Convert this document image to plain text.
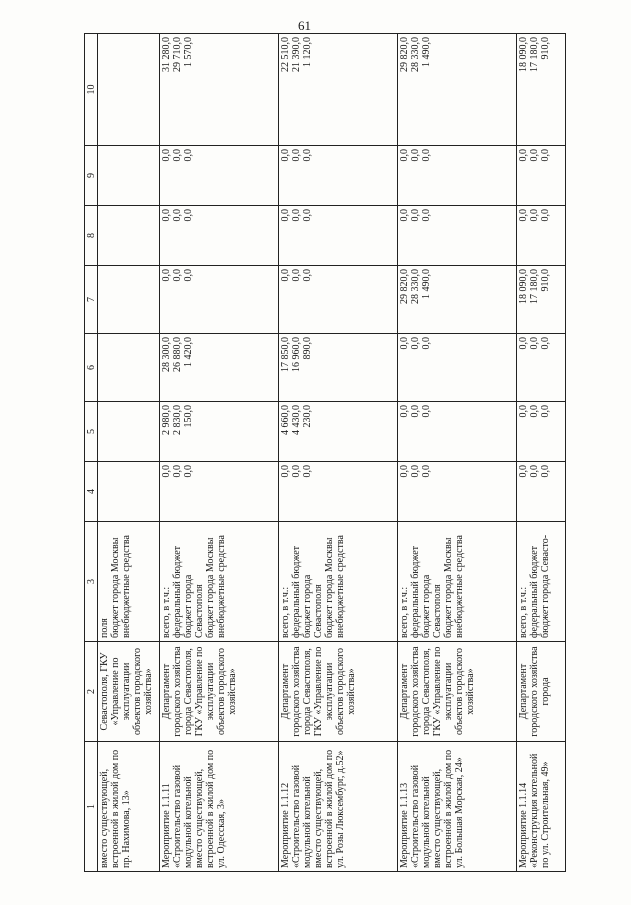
61
1	2	3	4	5	6	7	8	9	10
вместо существующей, встроенной в жилой дом по пр. Нахимова, 13»	Севастополя, ГКУ «Управление по эксплуатации объектов городского хозяйства»	поля бюджет города Москвы внебюджетные средства							

Мероприятие 1.1.11 «Строительство газовой модульной котельной вместо существующей, встроенной в жилой дом по ул. Одесская, 3»	Департамент городского хозяйства города Севастополя, ГКУ «Управление по эксплуатации объектов городского хозяйства»	всего, в т.ч.: федеральный бюджет бюджет города Севастополя бюджет города Москвы внебюджетные средства	0,0 0,0 0,0	2 980,0 2 830,0 150,0	28 300,0 26 880,0 1 420,0	0,0 0,0 0,0	0,0 0,0 0,0	0,0 0,0 0,0	31 280,0 29 710,0 1 570,0

Мероприятие 1.1.12 «Строительство газовой модульной котельной вместо существующей, встроенной в жилой дом по ул. Розы Люксембург, д.52»	Департамент городского хозяйства города Севастополя, ГКУ «Управление по эксплуатации объектов городского хозяйства»	всего, в т.ч.: федеральный бюджет бюджет города Севастополя бюджет города Москвы внебюджетные средства	0,0 0,0 0,0	4 660,0 4 430,0 230,0	17 850,0 16 960,0 890,0	0,0 0,0 0,0	0,0 0,0 0,0	0,0 0,0 0,0	22 510,0 21 390,0 1 120,0

Мероприятие 1.1.13 «Строительство газовой модульной котельной вместо существующей, встроенной в жилой дом по ул. Большая Морская, 24»	Департамент городского хозяйства города Севастополя, ГКУ «Управление по эксплуатации объектов городского хозяйства»	всего, в т.ч.: федеральный бюджет бюджет города Севастополя бюджет города Москвы внебюджетные средства	0,0 0,0 0,0	0,0 0,0 0,0	0,0 0,0 0,0	29 820,0 28 330,0 1 490,0	0,0 0,0 0,0	0,0 0,0 0,0	29 820,0 28 330,0 1 490,0

Мероприятие 1.1.14 «Реконструкция котельной по ул. Строительная, 49»	Департамент городского хозяйства города	всего, в т.ч.: федеральный бюджет бюджет города Севасто-	0,0 0,0 0,0	0,0 0,0 0,0	0,0 0,0 0,0	18 090,0 17 180,0 910,0	0,0 0,0 0,0	0,0 0,0 0,0	18 090,0 17 180,0 910,0
